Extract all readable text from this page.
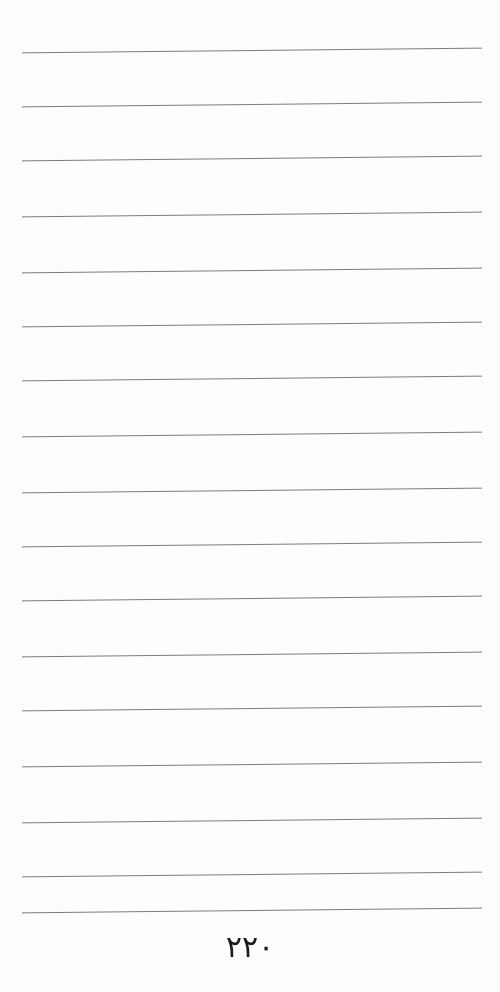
۲۲۰
